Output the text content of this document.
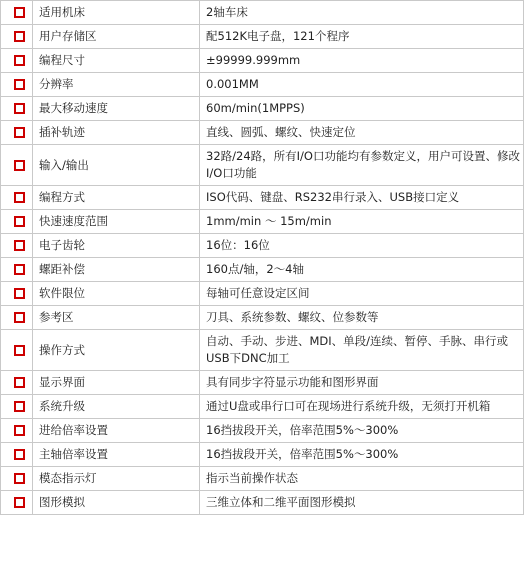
	适用机床	2轴车床
	用户存储区	配512K电子盘，121个程序
	编程尺寸	±99999.999mm
	分辨率	0.001MM
	最大移动速度	60m/min(1MPPS)
	插补轨迹	直线、圆弧、螺纹、快速定位
	输入/输出	32路/24路，所有I/O口功能均有参数定义，用户可设置、修改I/O口功能
	编程方式	ISO代码、键盘、RS232串行录入、USB接口定义
	快速速度范围	1mm/min ～ 15m/min
	电子齿轮	16位：16位
	螺距补偿	160点/轴，2～4轴
	软件限位	每轴可任意设定区间
	参考区	刀具、系统参数、螺纹、位参数等
	操作方式	自动、手动、步进、MDI、单段/连续、暂停、手脉、串行或USB下DNC加工
	显示界面	具有同步字符显示功能和图形界面
	系统升级	通过U盘或串行口可在现场进行系统升级，无须打开机箱
	进给倍率设置	16挡拔段开关，倍率范围5%～300%
	主轴倍率设置	16挡拔段开关，倍率范围5%～300%
	模态指示灯	指示当前操作状态
	图形模拟	三维立体和二维平面图形模拟
